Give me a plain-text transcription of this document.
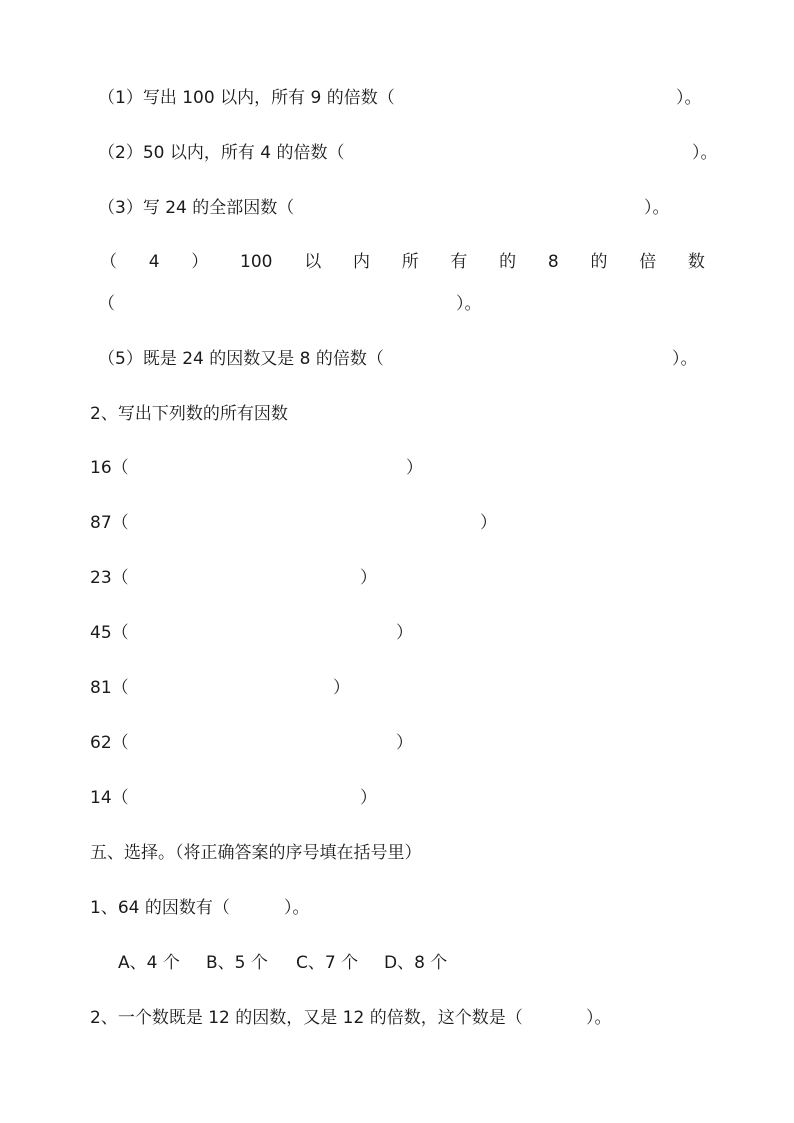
（1）写出 100 以内，所有 9 的倍数（	）。
（2）50 以内，所有 4 的倍数（	）。
（3）写 24 的全部因数（	）。
（ 4 ） 100 以 内 所 有 的 8 的 倍 数
（	）。
（5）既是 24 的因数又是 8 的倍数（	）。
2、写出下列数的所有因数
16（	）
87（	）
23（	）
45（	）
81（	）
62（	）
14（	）
五、选择。（将正确答案的序号填在括号里）
1、64 的因数有（	）。
A、4 个 B、5 个 C、7 个 D、8 个
2、一个数既是 12 的因数，又是 12 的倍数，这个数是（	）。
